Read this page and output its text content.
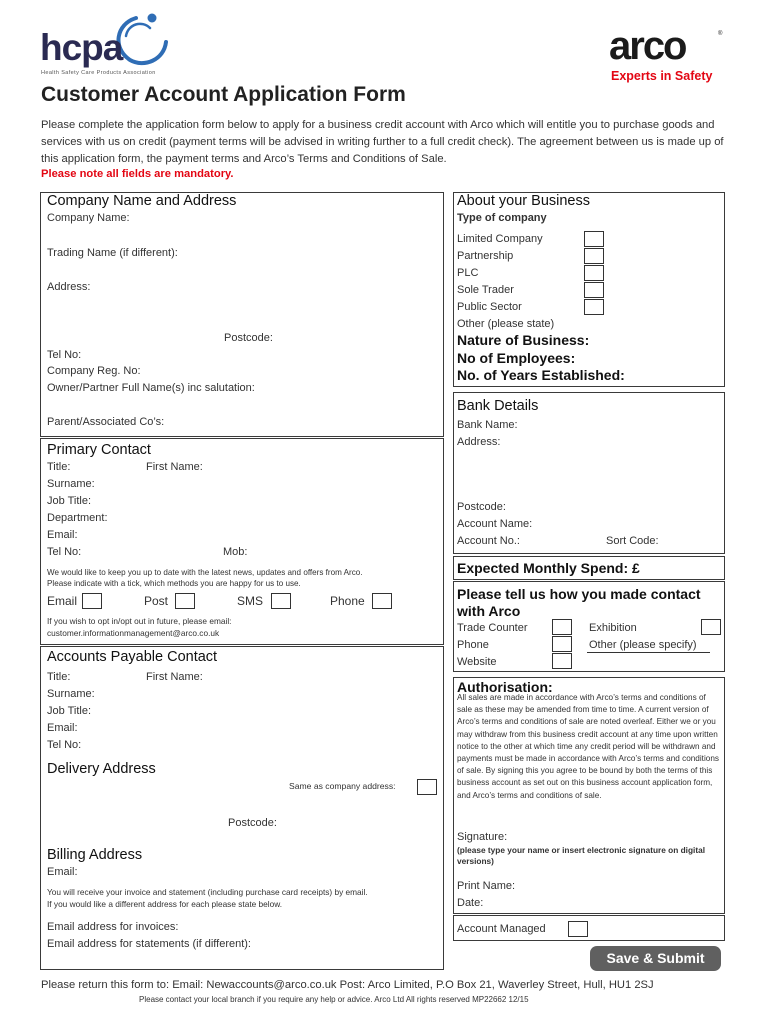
hcpa
Health Safety Care Products Association
arco	®
Experts in Safety
Customer Account Application Form
Please complete the application form below to apply for a business credit account with Arco which will entitle you to purchase goods and services with us on credit (payment terms will be advised in writing further to a full credit check). The agreement between us is made up of this application form, the payment terms and Arco’s Terms and Conditions of Sale.
Please note all fields are mandatory.
Company Name and Address
Company Name:
Trading Name (if different):
Address:
Postcode:
Tel No:
Company Reg. No:
Owner/Partner Full Name(s) inc salutation:
Parent/Associated Co’s:
Primary Contact
Title:	First Name:
Surname:
Job Title:
Department:
Email:
Tel No:	Mob:
We would like to keep you up to date with the latest news, updates and offers from Arco.
Please indicate with a tick, which methods you are happy for us to use.
Email	Post	SMS	Phone
If you wish to opt in/opt out in future, please email:
customer.informationmanagement@arco.co.uk
Accounts Payable Contact
Title:	First Name:
Surname:
Job Title:
Email:
Tel No:
Delivery Address
Same as company address:
Postcode:
Billing Address
Email:
You will receive your invoice and statement (including purchase card receipts) by email.
If you would like a different address for each please state below.
Email address for invoices:
Email address for statements (if different):
About your Business
Type of company
Limited Company
Partnership
PLC
Sole Trader
Public Sector
Other (please state)
Nature of Business:
No of Employees:
No. of Years Established:
Bank Details
Bank Name:
Address:
Postcode:
Account Name:
Account No.:	Sort Code:
Expected Monthly Spend: £
Please tell us how you made contact
with Arco
Trade Counter	Exhibition
Phone	Other (please specify)
Website
Authorisation:
All sales are made in accordance with Arco’s terms and conditions of sale as these may be amended from time to time. A current version of Arco’s terms and conditions of sale are noted overleaf. Either we or you may withdraw from this business credit account at any time upon written notice to the other at which time any credit period will be withdrawn and payments must be made in accordance with Arco’s terms and conditions of sale. By signing this you agree to be bound by both the terms of this business account as set out on this business account application form, and Arco’s terms and conditions of sale.
Signature:
(please type your name or insert electronic signature on digital versions)
Print Name:
Date:
Account Managed
Save & Submit
Please return this form to: Email: Newaccounts@arco.co.uk Post: Arco Limited, P.O Box 21, Waverley Street, Hull, HU1 2SJ
Please contact your local branch if you require any help or advice. Arco Ltd All rights reserved MP22662 12/15
